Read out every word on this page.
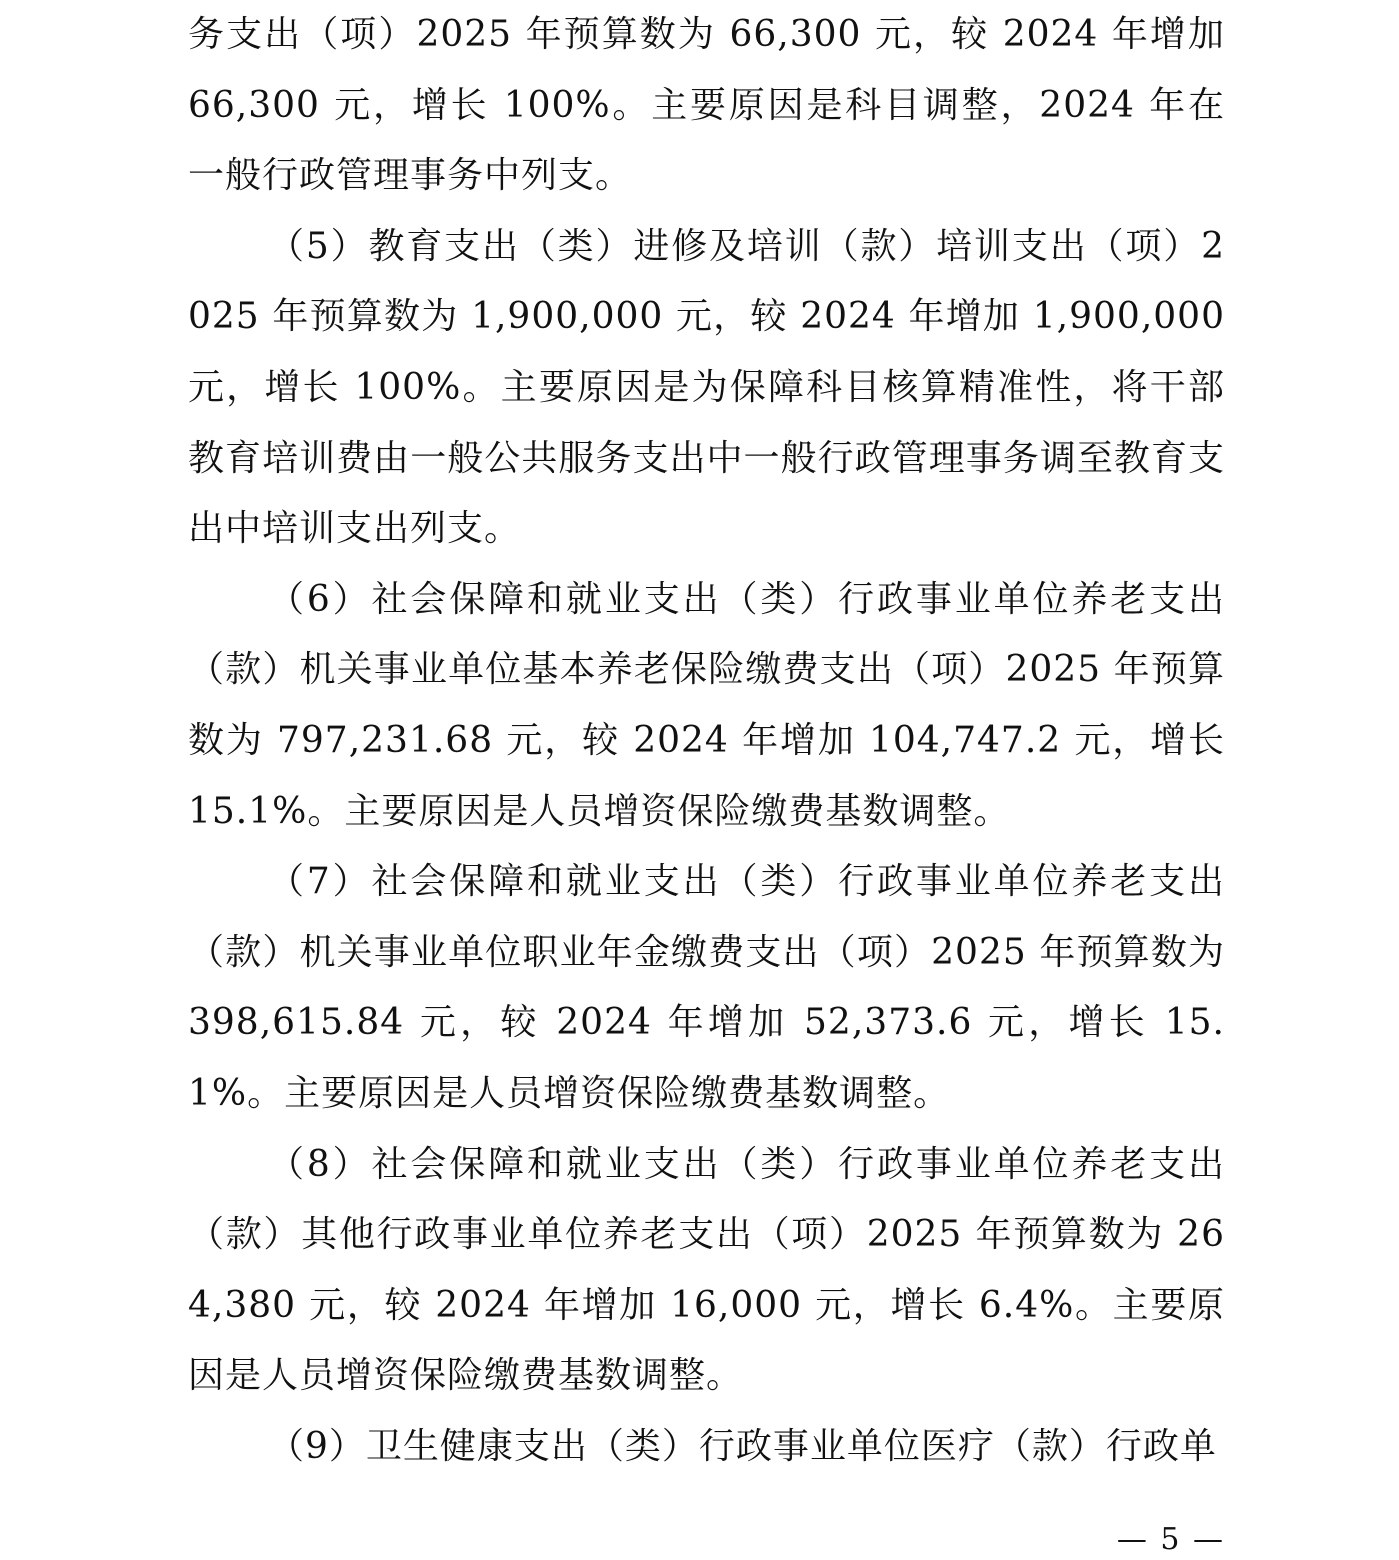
务支出（项）2025 年预算数为 66,300 元，较 2024 年增加 66,300 元，增长 100%。主要原因是科目调整，2024 年在一般行政管理事务中列支。

（5）教育支出（类）进修及培训（款）培训支出（项）2025 年预算数为 1,900,000 元，较 2024 年增加 1,900,000 元，增长 100%。主要原因是为保障科目核算精准性，将干部教育培训费由一般公共服务支出中一般行政管理事务调至教育支出中培训支出列支。

（6）社会保障和就业支出（类）行政事业单位养老支出（款）机关事业单位基本养老保险缴费支出（项）2025 年预算数为 797,231.68 元，较 2024 年增加 104,747.2 元，增长 15.1%。主要原因是人员增资保险缴费基数调整。

（7）社会保障和就业支出（类）行政事业单位养老支出（款）机关事业单位职业年金缴费支出（项）2025 年预算数为 398,615.84 元，较 2024 年增加 52,373.6 元，增长 15.1%。主要原因是人员增资保险缴费基数调整。

（8）社会保障和就业支出（类）行政事业单位养老支出（款）其他行政事业单位养老支出（项）2025 年预算数为 264,380 元，较 2024 年增加 16,000 元，增长 6.4%。主要原因是人员增资保险缴费基数调整。

（9）卫生健康支出（类）行政事业单位医疗（款）行政单

— 5 —
